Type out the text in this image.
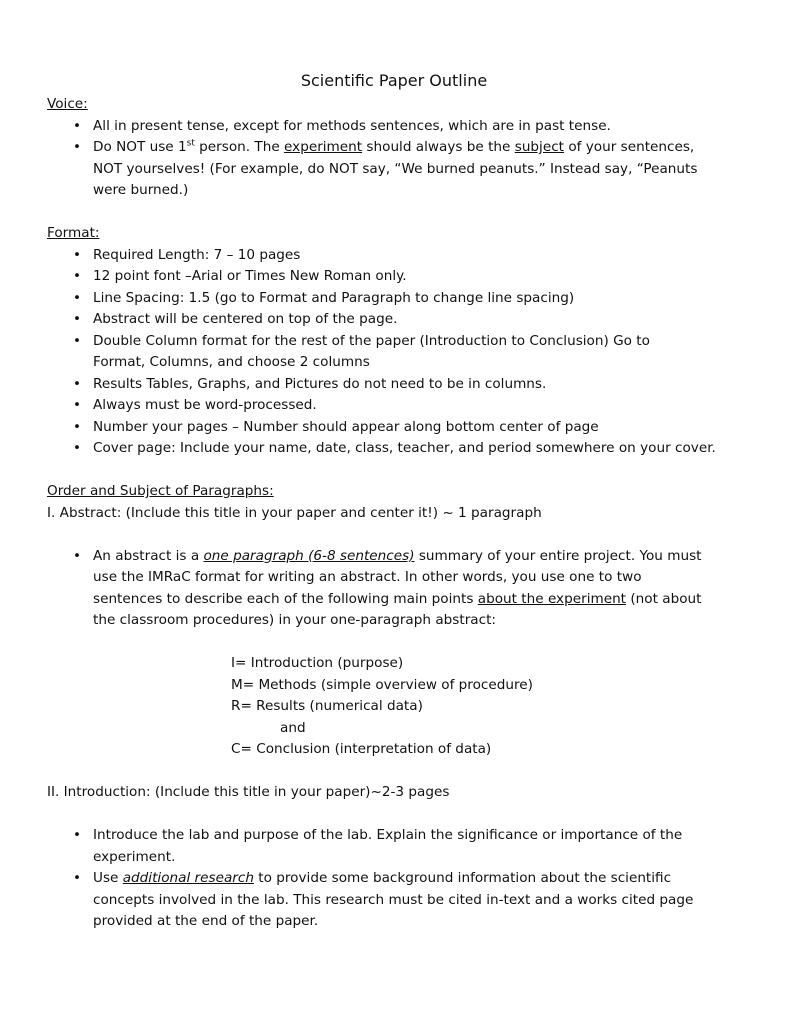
Scientific Paper Outline
Voice:
• All in present tense, except for methods sentences, which are in past tense.
• Do NOT use 1st person. The experiment should always be the subject of your sentences,
NOT yourselves! (For example, do NOT say, “We burned peanuts.” Instead say, “Peanuts
were burned.)
Format:
• Required Length: 7 – 10 pages
• 12 point font –Arial or Times New Roman only.
• Line Spacing: 1.5 (go to Format and Paragraph to change line spacing)
• Abstract will be centered on top of the page.
• Double Column format for the rest of the paper (Introduction to Conclusion) Go to
Format, Columns, and choose 2 columns
• Results Tables, Graphs, and Pictures do not need to be in columns.
• Always must be word-processed.
• Number your pages – Number should appear along bottom center of page
• Cover page: Include your name, date, class, teacher, and period somewhere on your cover.
Order and Subject of Paragraphs:
I. Abstract: (Include this title in your paper and center it!) ~ 1 paragraph
• An abstract is a one paragraph (6-8 sentences) summary of your entire project. You must
use the IMRaC format for writing an abstract. In other words, you use one to two
sentences to describe each of the following main points about the experiment (not about
the classroom procedures) in your one-paragraph abstract:
I= Introduction (purpose)
M= Methods (simple overview of procedure)
R= Results (numerical data)
and
C= Conclusion (interpretation of data)
II. Introduction: (Include this title in your paper)~2-3 pages
• Introduce the lab and purpose of the lab. Explain the significance or importance of the
experiment.
• Use additional research to provide some background information about the scientific
concepts involved in the lab. This research must be cited in-text and a works cited page
provided at the end of the paper.
